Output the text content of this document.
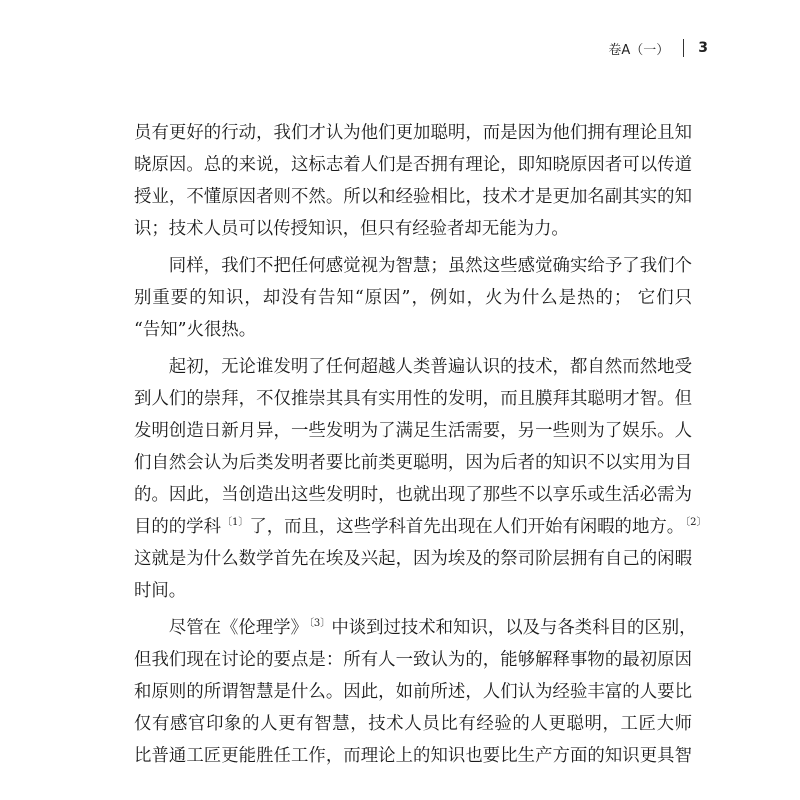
卷A（一） 3
员有更好的行动，我们才认为他们更加聪明，而是因为他们拥有理论且知
晓原因。总的来说，这标志着人们是否拥有理论，即知晓原因者可以传道
授业，不懂原因者则不然。所以和经验相比，技术才是更加名副其实的知
识；技术人员可以传授知识，但只有经验者却无能为力。
同样，我们不把任何感觉视为智慧；虽然这些感觉确实给予了我们个
别重要的知识，却没有告知“原因”，例如，火为什么是热的； 它们只
“告知”火很热。
起初，无论谁发明了任何超越人类普遍认识的技术，都自然而然地受
到人们的崇拜，不仅推崇其具有实用性的发明，而且膜拜其聪明才智。但
发明创造日新月异，一些发明为了满足生活需要，另一些则为了娱乐。人
们自然会认为后类发明者要比前类更聪明，因为后者的知识不以实用为目
的。因此，当创造出这些发明时，也就出现了那些不以享乐或生活必需为
目的的学科$^{〔1〕}$了，而且，这些学科首先出现在人们开始有闲暇的地方。$^{〔2〕}$
这就是为什么数学首先在埃及兴起，因为埃及的祭司阶层拥有自己的闲暇
时间。
尽管在《伦理学》$^{〔3〕}$中谈到过技术和知识，以及与各类科目的区别，
但我们现在讨论的要点是：所有人一致认为的，能够解释事物的最初原因
和原则的所谓智慧是什么。因此，如前所述，人们认为经验丰富的人要比
仅有感官印象的人更有智慧，技术人员比有经验的人更聪明，工匠大师
比普通工匠更能胜任工作，而理论上的知识也要比生产方面的知识更具智
